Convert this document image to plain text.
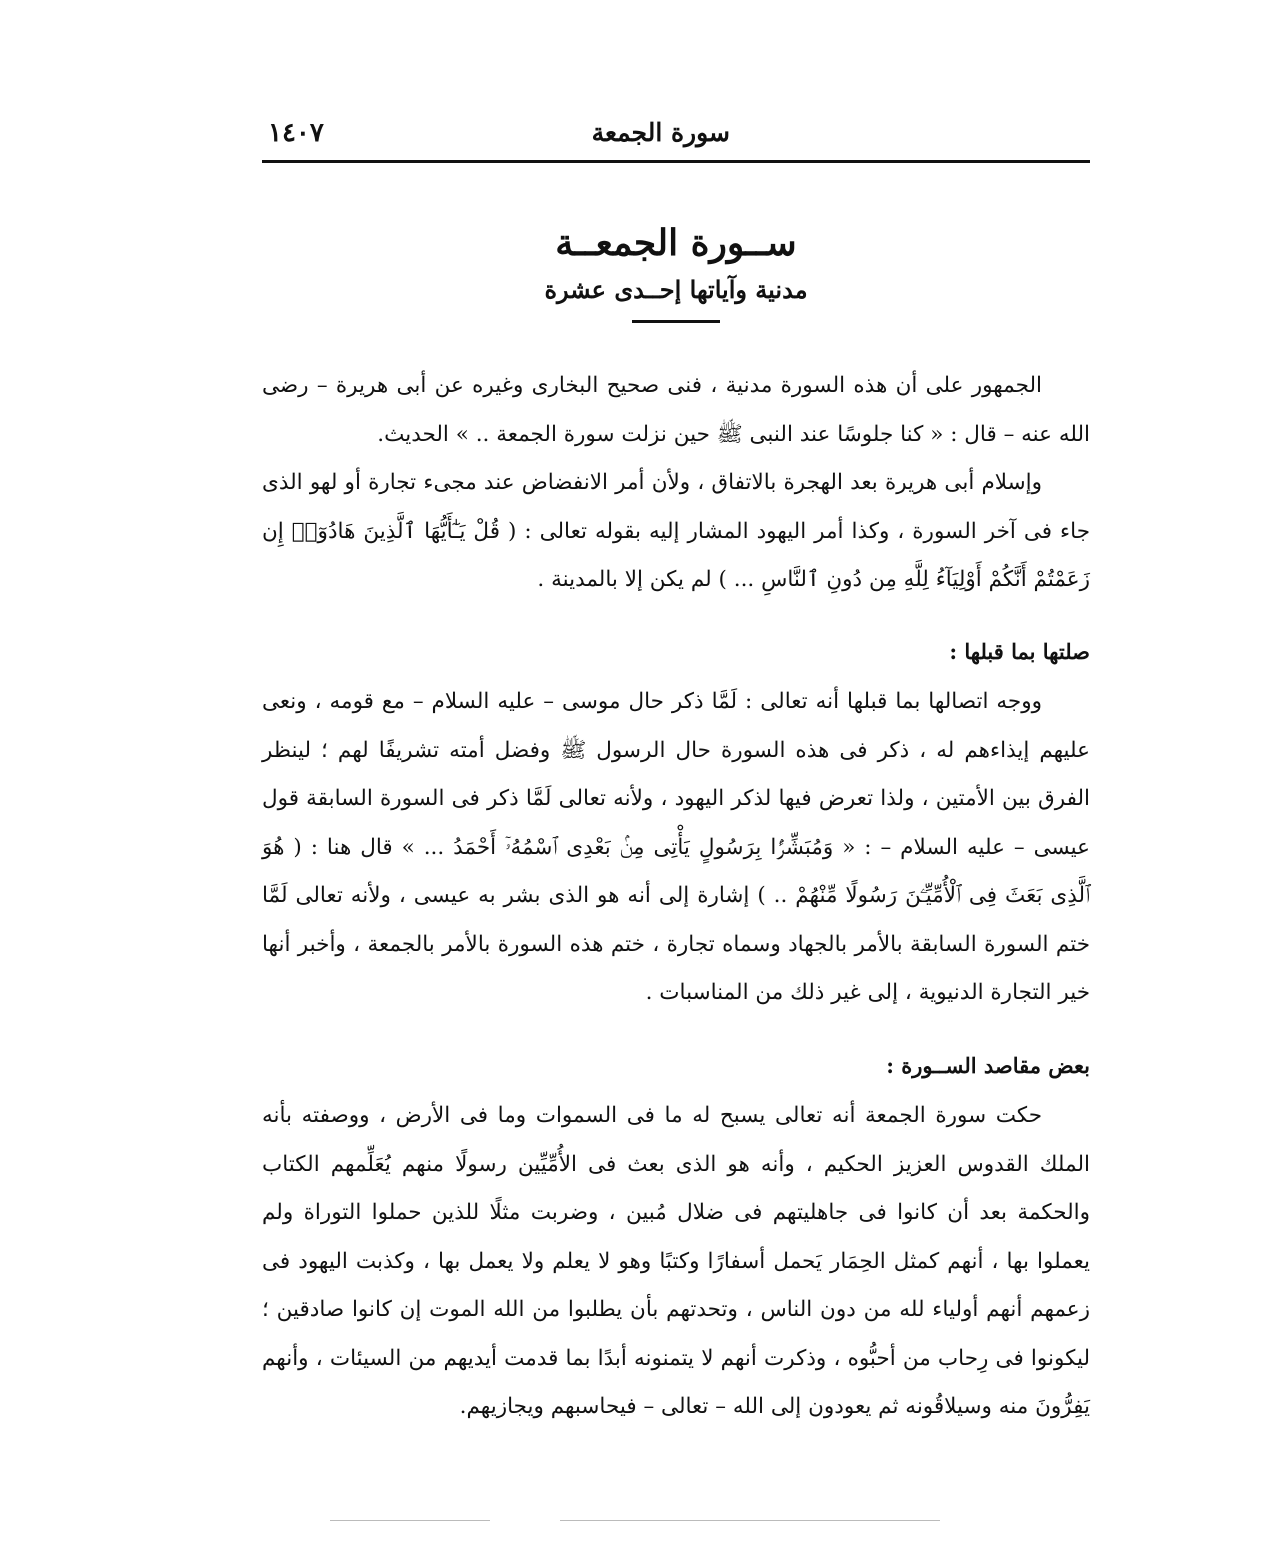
سورة الجمعة
١٤٠٧
ســورة الجمعــة
مدنية وآياتها إحــدى عشرة

الجمهور على أن هذه السورة مدنية ، فنى صحيح البخارى وغيره عن أبى هريرة – رضى الله عنه – قال : « كنا جلوسًا عند النبى ﷺ حين نزلت سورة الجمعة .. » الحديث.

وإسلام أبى هريرة بعد الهجرة بالاتفاق ، ولأن أمر الانفضاض عند مجىء تجارة أو لهو الذى جاء فى آخر السورة ، وكذا أمر اليهود المشار إليه بقوله تعالى : ( قُلْ يَـٰٓأَيُّهَا ٱلَّذِينَ هَادُوٓا۟ إِن زَعَمْتُمْ أَنَّكُمْ أَوْلِيَآءُ لِلَّهِ مِن دُونِ ٱلنَّاسِ ... ) لم يكن إلا بالمدينة .

صلتها بما قبلها :

ووجه اتصالها بما قبلها أنه تعالى : لَمَّا ذكر حال موسى – عليه السلام – مع قومه ، ونعى عليهم إيذاءهم له ، ذكر فى هذه السورة حال الرسول ﷺ وفضل أمته تشريفًا لهم ؛ لينظر الفرق بين الأمتين ، ولذا تعرض فيها لذكر اليهود ، ولأنه تعالى لَمَّا ذكر فى السورة السابقة قول عيسى – عليه السلام – : « وَمُبَشِّرًۢا بِرَسُولٍ يَأْتِى مِنۢ بَعْدِى ٱسْمُهُۥٓ أَحْمَدُ ... » قال هنا : ( هُوَ ٱلَّذِى بَعَثَ فِى ٱلْأُمِّيِّـۧنَ رَسُولًا مِّنْهُمْ .. ) إشارة إلى أنه هو الذى بشر به عيسى ، ولأنه تعالى لَمَّا ختم السورة السابقة بالأمر بالجهاد وسماه تجارة ، ختم هذه السورة بالأمر بالجمعة ، وأخبر أنها خير التجارة الدنيوية ، إلى غير ذلك من المناسبات .

بعض مقاصد الســورة :

حكت سورة الجمعة أنه تعالى يسبح له ما فى السموات وما فى الأرض ، ووصفته بأنه الملك القدوس العزيز الحكيم ، وأنه هو الذى بعث فى الأُمِّيِّين رسولًا منهم يُعَلِّمهم الكتاب والحكمة بعد أن كانوا فى جاهليتهم فى ضلال مُبين ، وضربت مثلًا للذين حملوا التوراة ولم يعملوا بها ، أنهم كمثل الحِمَار يَحمل أسفارًا وكتبًا وهو لا يعلم ولا يعمل بها ، وكذبت اليهود فى زعمهم أنهم أولياء لله من دون الناس ، وتحدتهم بأن يطلبوا من الله الموت إن كانوا صادقين ؛ ليكونوا فى رِحاب من أحبُّوه ، وذكرت أنهم لا يتمنونه أبدًا بما قدمت أيديهم من السيئات ، وأنهم يَفِرُّونَ منه وسيلاقُونه ثم يعودون إلى الله – تعالى – فيحاسبهم ويجازيهم.
